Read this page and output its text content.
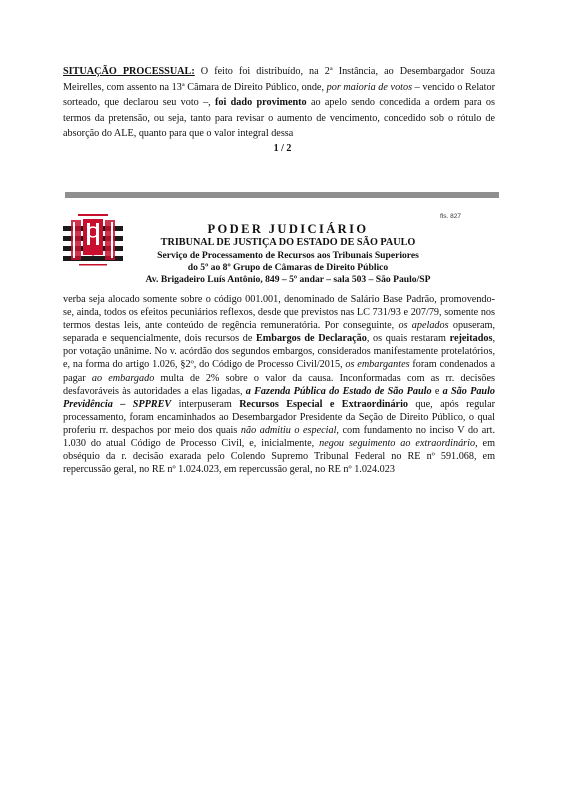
SITUAÇÃO PROCESSUAL: O feito foi distribuído, na 2ª Instância, ao Desembargador Souza Meirelles, com assento na 13ª Câmara de Direito Público, onde, por maioria de votos – vencido o Relator sorteado, que declarou seu voto –, foi dado provimento ao apelo sendo concedida a ordem para os termos da pretensão, ou seja, tanto para revisar o aumento de vencimento, concedido sob o rótulo de absorção do ALE, quanto para que o valor integral dessa
1 / 2
fls. 827
PODER JUDICIÁRIO
TRIBUNAL DE JUSTIÇA DO ESTADO DE SÃO PAULO
Serviço de Processamento de Recursos aos Tribunais Superiores
do 5º ao 8º Grupo de Câmaras de Direito Público
Av. Brigadeiro Luís Antônio, 849 – 5º andar – sala 503 – São Paulo/SP
verba seja alocado somente sobre o código 001.001, denominado de Salário Base Padrão, promovendo-se, ainda, todos os efeitos pecuniários reflexos, desde que previstos nas LC 731/93 e 207/79, somente nos termos destas leis, ante conteúdo de regência remuneratória. Por conseguinte, os apelados opuseram, separada e sequencialmente, dois recursos de Embargos de Declaração, os quais restaram rejeitados, por votação unânime. No v. acórdão dos segundos embargos, considerados manifestamente protelatórios, e, na forma do artigo 1.026, §2º, do Código de Processo Civil/2015, os embargantes foram condenados a pagar ao embargado multa de 2% sobre o valor da causa. Inconformadas com as rr. decisões desfavoráveis às autoridades a elas ligadas, a Fazenda Pública do Estado de São Paulo e a São Paulo Previdência – SPPREV interpuseram Recursos Especial e Extraordinário que, após regular processamento, foram encaminhados ao Desembargador Presidente da Seção de Direito Público, o qual proferiu rr. despachos por meio dos quais não admitiu o especial, com fundamento no inciso V do art. 1.030 do atual Código de Processo Civil, e, inicialmente, negou seguimento ao extraordinário, em obséquio da r. decisão exarada pelo Colendo Supremo Tribunal Federal no RE nº 591.068, em repercussão geral, no RE nº 1.024.023, em repercussão geral, no RE nº 1.024.023
